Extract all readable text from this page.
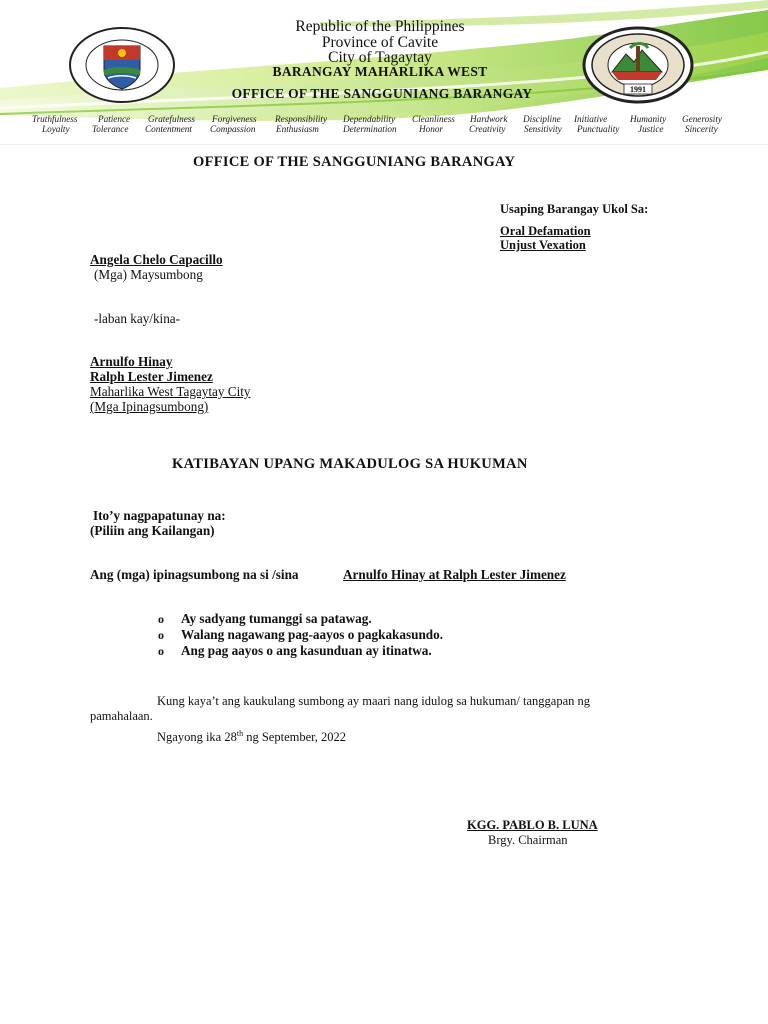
Republic of the Philippines
Province of Cavite
City of Tagaytay
BARANGAY MAHARLIKA WEST
OFFICE OF THE SANGGUNIANG BARANGAY	1991
Truthfulness Patience Gratefulness Forgiveness Responsibility Dependability Cleanliness Hardwork Discipline Initiative Humanity Generosity
Loyalty Tolerance Contentment Compassion Enthusiasm	Determination Honor	Creativity Sensitivity Punctuality Justice Sincerity
OFFICE OF THE SANGGUNIANG BARANGAY
Usaping Barangay Ukol Sa:
Oral Defamation
Unjust Vexation
Angela Chelo Capacillo
(Mga) Maysumbong
-laban kay/kina-
Arnulfo Hinay
Ralph Lester Jimenez
Maharlika West Tagaytay City
(Mga Ipinagsumbong)
KATIBAYAN UPANG MAKADULOG SA HUKUMAN
Ito’y nagpapatunay na:
(Piliin ang Kailangan)
Ang (mga) ipinagsumbong na si /sina	Arnulfo Hinay at Ralph Lester Jimenez
o Ay sadyang tumanggi sa patawag.
o Walang nagawang pag-aayos o pagkakasundo.
o Ang pag aayos o ang kasunduan ay itinatwa.
Kung kaya’t ang kaukulang sumbong ay maari nang idulog sa hukuman/ tanggapan ng
pamahalaan.
Ngayong ika 28th ng September, 2022
KGG. PABLO B. LUNA
Brgy. Chairman
